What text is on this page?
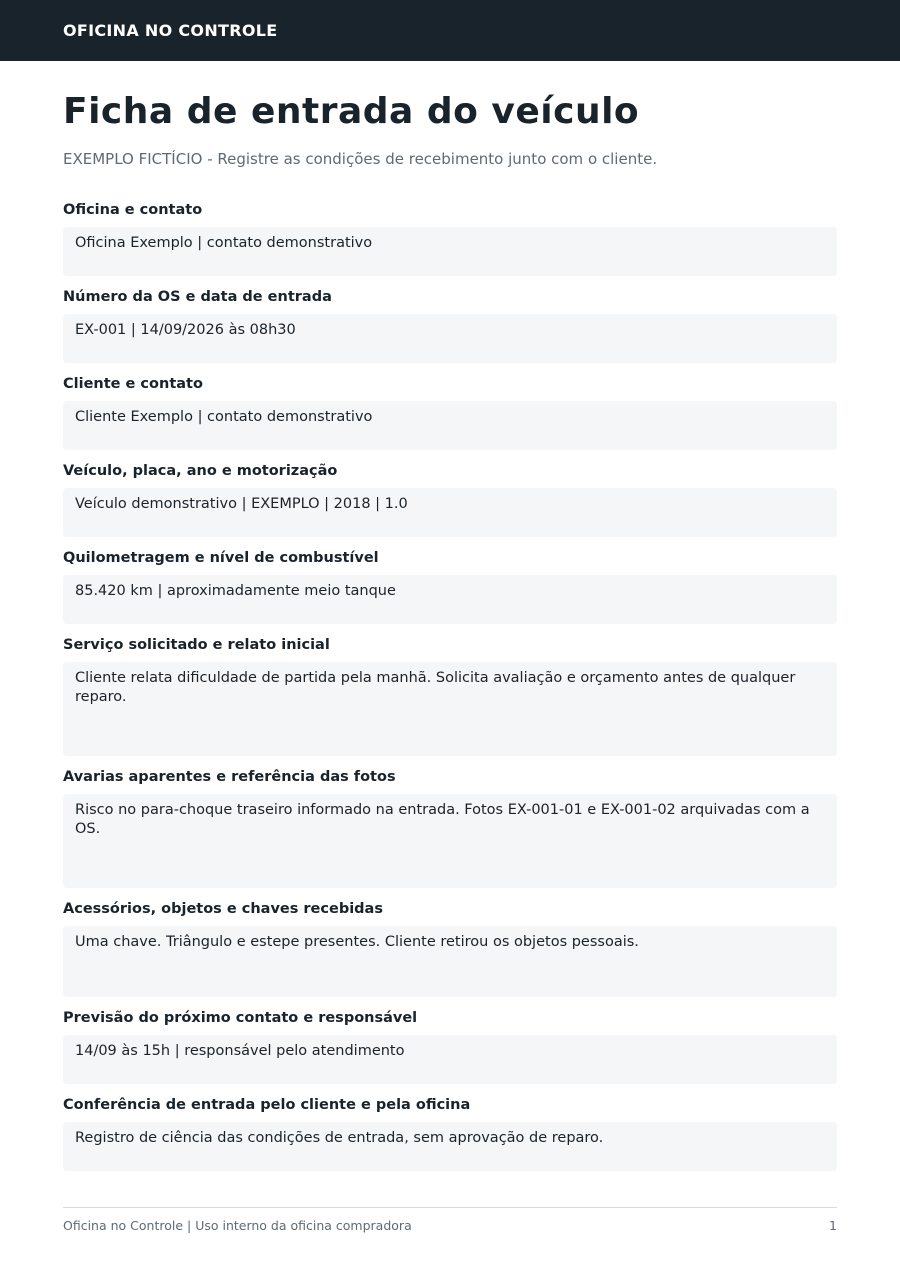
OFICINA NO CONTROLE
Ficha de entrada do veículo

EXEMPLO FICTÍCIO - Registre as condições de recebimento junto com o cliente.

Oficina e contato
Oficina Exemplo | contato demonstrativo
Número da OS e data de entrada
EX-001 | 14/09/2026 às 08h30
Cliente e contato
Cliente Exemplo | contato demonstrativo
Veículo, placa, ano e motorização
Veículo demonstrativo | EXEMPLO | 2018 | 1.0
Quilometragem e nível de combustível
85.420 km | aproximadamente meio tanque
Serviço solicitado e relato inicial
Cliente relata dificuldade de partida pela manhã. Solicita avaliação e orçamento antes de qualquer reparo.
Avarias aparentes e referência das fotos
Risco no para-choque traseiro informado na entrada. Fotos EX-001-01 e EX-001-02 arquivadas com a OS.
Acessórios, objetos e chaves recebidas
Uma chave. Triângulo e estepe presentes. Cliente retirou os objetos pessoais.
Previsão do próximo contato e responsável
14/09 às 15h | responsável pelo atendimento
Conferência de entrada pelo cliente e pela oficina
Registro de ciência das condições de entrada, sem aprovação de reparo.
Oficina no Controle | Uso interno da oficina compradora	1
